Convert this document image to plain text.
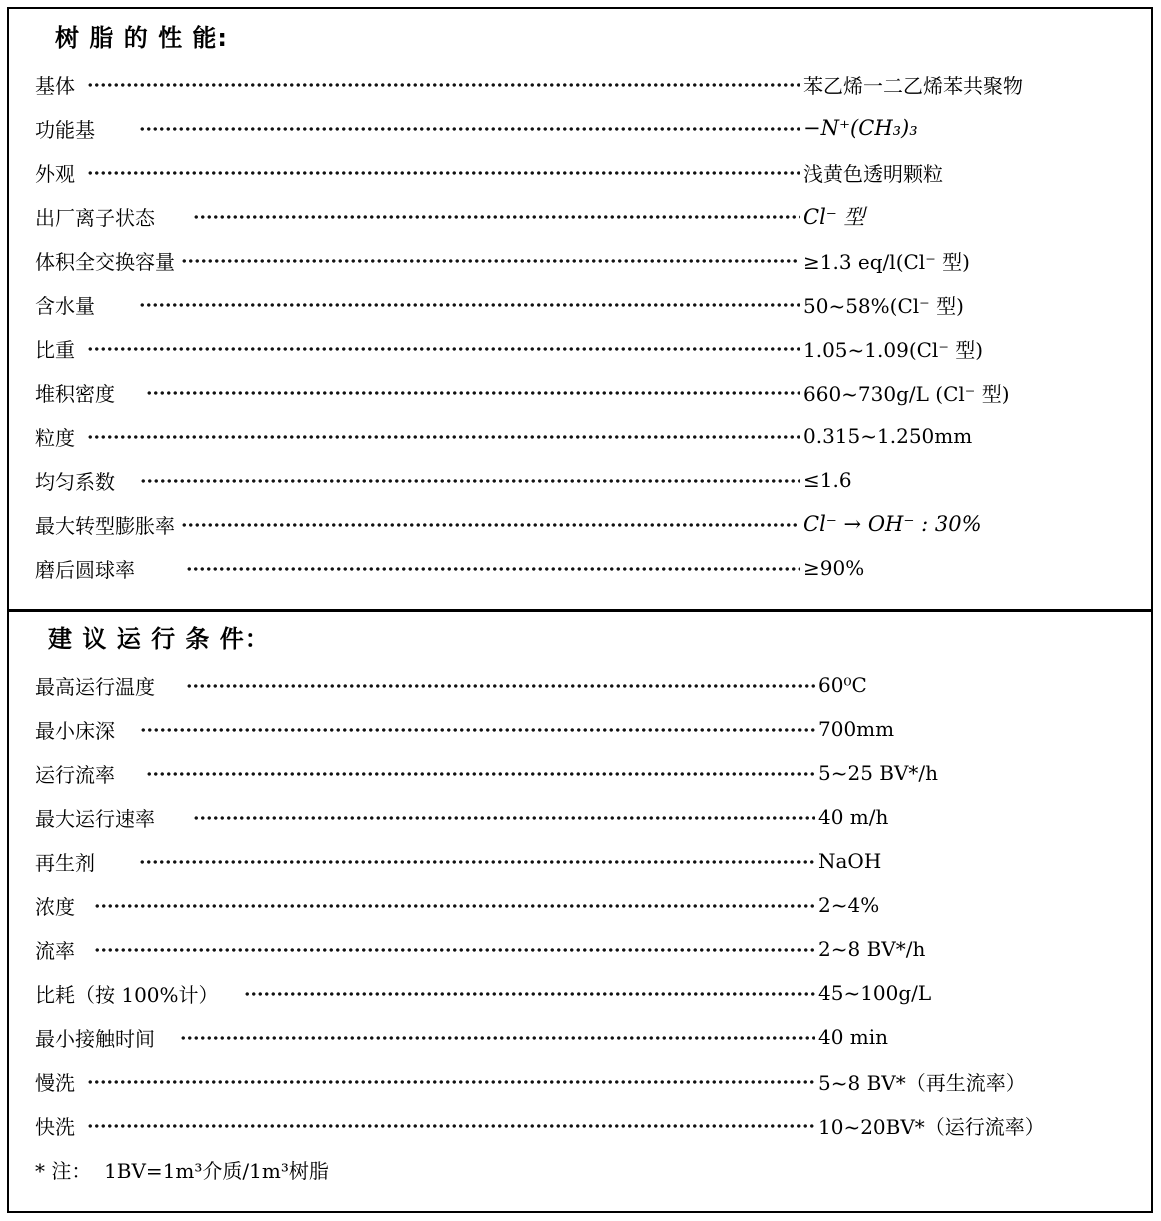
树 脂 的 性 能:

基体	苯乙烯一二乙烯苯共聚物
功能基	−N⁺(CH₃)₃
外观	浅黄色透明颗粒
出厂离子状态	Cl⁻ 型
体积全交换容量	≥1.3 eq/l(Cl⁻ 型)
含水量	50~58%(Cl⁻ 型)
比重	1.05~1.09(Cl⁻ 型)
堆积密度	660~730g/L (Cl⁻ 型)
粒度	0.315~1.250mm
均匀系数	≤1.6
最大转型膨胀率	Cl⁻ → OH⁻ : 30%
磨后圆球率	≥90%

建 议 运 行 条 件：

最高运行温度	60⁰C
最小床深	700mm
运行流率	5~25 BV*/h
最大运行速率	40 m/h
再生剂	NaOH
浓度	2~4%
流率	2~8 BV*/h
比耗（按 100%计）	45~100g/L
最小接触时间	40 min
慢洗	5~8 BV*（再生流率）
快洗	10~20BV*（运行流率）
* 注：  1BV=1m³介质/1m³树脂
